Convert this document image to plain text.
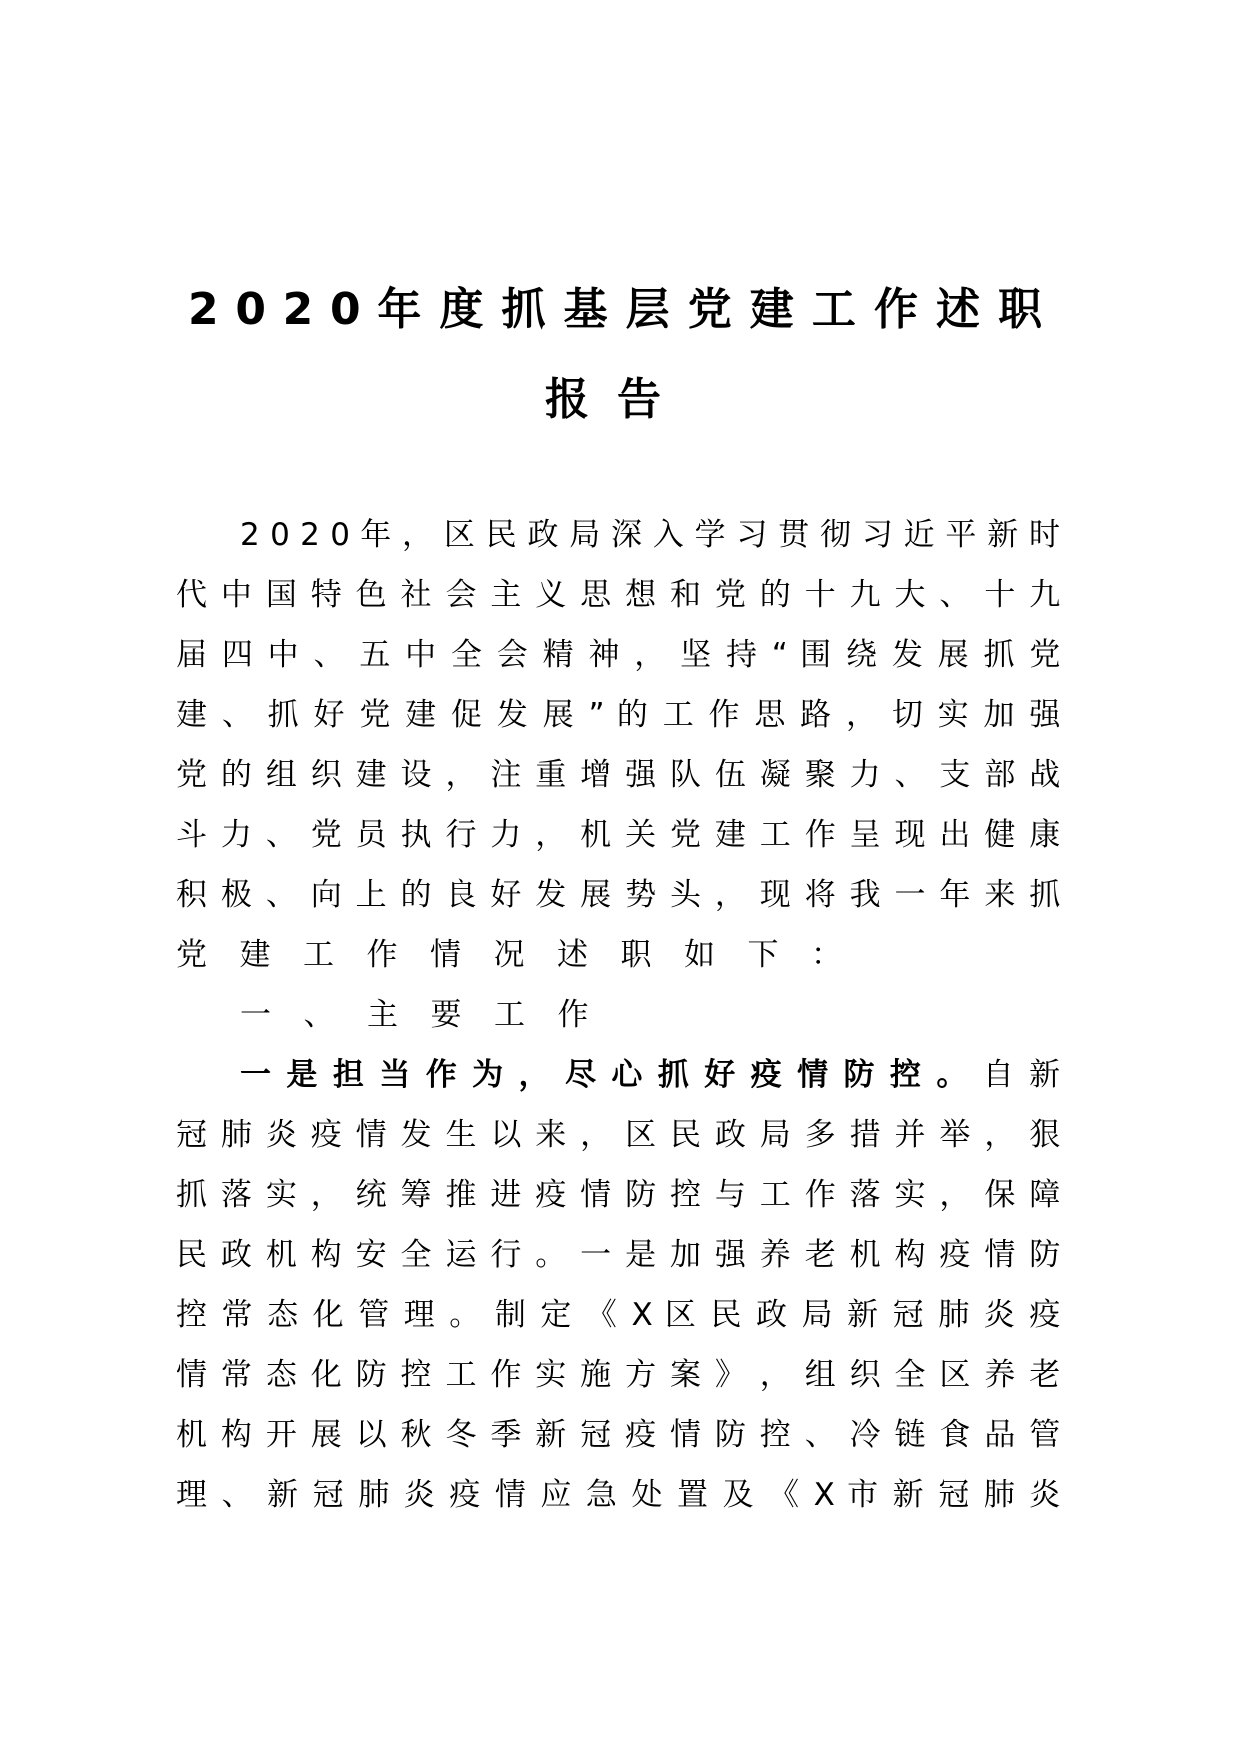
2 0 2 0 年 度 抓 基 层 党 建 工 作 述 职
报告
2 0 2 0 年 ， 区 民 政 局 深 入 学 习 贯 彻 习 近 平 新 时
代 中 国 特 色 社 会 主 义 思 想 和 党 的 十 九 大 、 十 九
届 四 中 、 五 中 全 会 精 神 ， 坚 持 “ 围 绕 发 展 抓 党
建 、 抓 好 党 建 促 发 展 ” 的 工 作 思 路 ， 切 实 加 强
党 的 组 织 建 设 ， 注 重 增 强 队 伍 凝 聚 力 、 支 部 战
斗 力 、 党 员 执 行 力 ， 机 关 党 建 工 作 呈 现 出 健 康
积 极 、 向 上 的 良 好 发 展 势 头 ， 现 将 我 一 年 来 抓
党建工作情况述职如下：
一、主要工作
一 是 担 当 作 为 ， 尽 心 抓 好 疫 情 防 控 。 自 新
冠 肺 炎 疫 情 发 生 以 来 ， 区 民 政 局 多 措 并 举 ， 狠
抓 落 实 ， 统 筹 推 进 疫 情 防 控 与 工 作 落 实 ， 保 障
民 政 机 构 安 全 运 行 。 一 是 加 强 养 老 机 构 疫 情 防
控 常 态 化 管 理 。 制 定 《 X 区 民 政 局 新 冠 肺 炎 疫
情 常 态 化 防 控 工 作 实 施 方 案 》 ， 组 织 全 区 养 老
机 构 开 展 以 秋 冬 季 新 冠 疫 情 防 控 、 冷 链 食 品 管
理 、 新 冠 肺 炎 疫 情 应 急 处 置 及 《 X 市 新 冠 肺 炎
